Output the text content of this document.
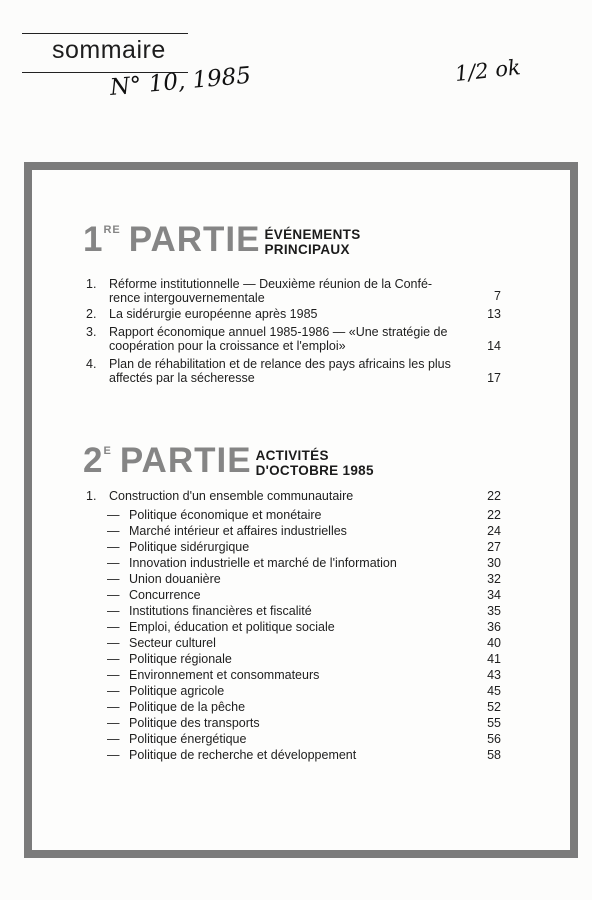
sommaire
N° 10, 1985	1/2 ok
1 RE PARTIE ÉVÉNEMENTS
PRINCIPAUX
1. Réforme institutionnelle — Deuxième réunion de la Confé-
rence intergouvernementale	7
2. La sidérurgie européenne après 1985	13
3. Rapport économique annuel 1985-1986 — «Une stratégie de
coopération pour la croissance et l'emploi»	14
4. Plan de réhabilitation et de relance des pays africains les plus
affectés par la sécheresse	17
2 E PARTIE ACTIVITÉS
D'OCTOBRE 1985
1. Construction d'un ensemble communautaire	22
— Politique économique et monétaire	22
— Marché intérieur et affaires industrielles	24
— Politique sidérurgique	27
— Innovation industrielle et marché de l'information	30
— Union douanière	32
— Concurrence	34
— Institutions financières et fiscalité	35
— Emploi, éducation et politique sociale	36
— Secteur culturel	40
— Politique régionale	41
— Environnement et consommateurs	43
— Politique agricole	45
— Politique de la pêche	52
— Politique des transports	55
— Politique énergétique	56
— Politique de recherche et développement	58
